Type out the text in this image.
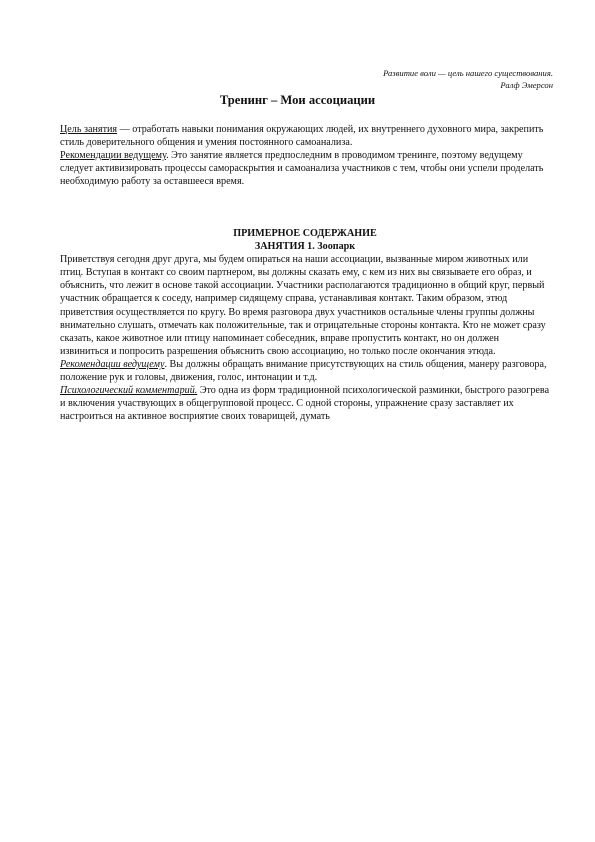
Развитие воли — цель нашего существования.
Ралф Эмерсон
Тренинг – Мои ассоциации

Цель занятия — отработать навыки понимания окружающих людей, их внутреннего духовного мира, закрепить стиль доверительного общения и умения постоянного самоанализа.

Рекомендации ведущему. Это занятие является предпоследним в проводимом тренинге, поэтому ведущему следует активизировать процессы самораскрытия и самоанализа участников с тем, чтобы они успели проделать необходимую работу за оставшееся время.

ПРИМЕРНОЕ СОДЕРЖАНИЕ

ЗАНЯТИЯ 1. Зоопарк

Приветствуя сегодня друг друга, мы будем опираться на наши ассоциации, вызванные миром животных или птиц. Вступая в контакт со своим партнером, вы должны сказать ему, с кем из них вы связываете его образ, и объяснить, что лежит в основе такой ассоциации. Участники располагаются традиционно в общий круг, первый участник обращается к соседу, например сидящему справа, устанавливая контакт. Таким образом, этюд приветствия осуществляется по кругу. Во время разговора двух участников остальные члены группы должны внимательно слушать, отмечать как положительные, так и отрицательные стороны контакта. Кто не может сразу сказать, какое животное или птицу напоминает собеседник, вправе пропустить контакт, но он должен извиниться и попросить разрешения объяснить свою ассоциацию, но только после окончания этюда.

Рекомендации ведущему. Вы должны обращать внимание присутствующих на стиль общения, манеру разговора, положение рук и головы, движения, голос, интонации и т.д.

Психологический комментарий. Это одна из форм традиционной психологической разминки, быстрого разогрева и включения участвующих в общегрупповой процесс. С одной стороны, упражнение сразу заставляет их настроиться на активное восприятие своих товарищей, думать
